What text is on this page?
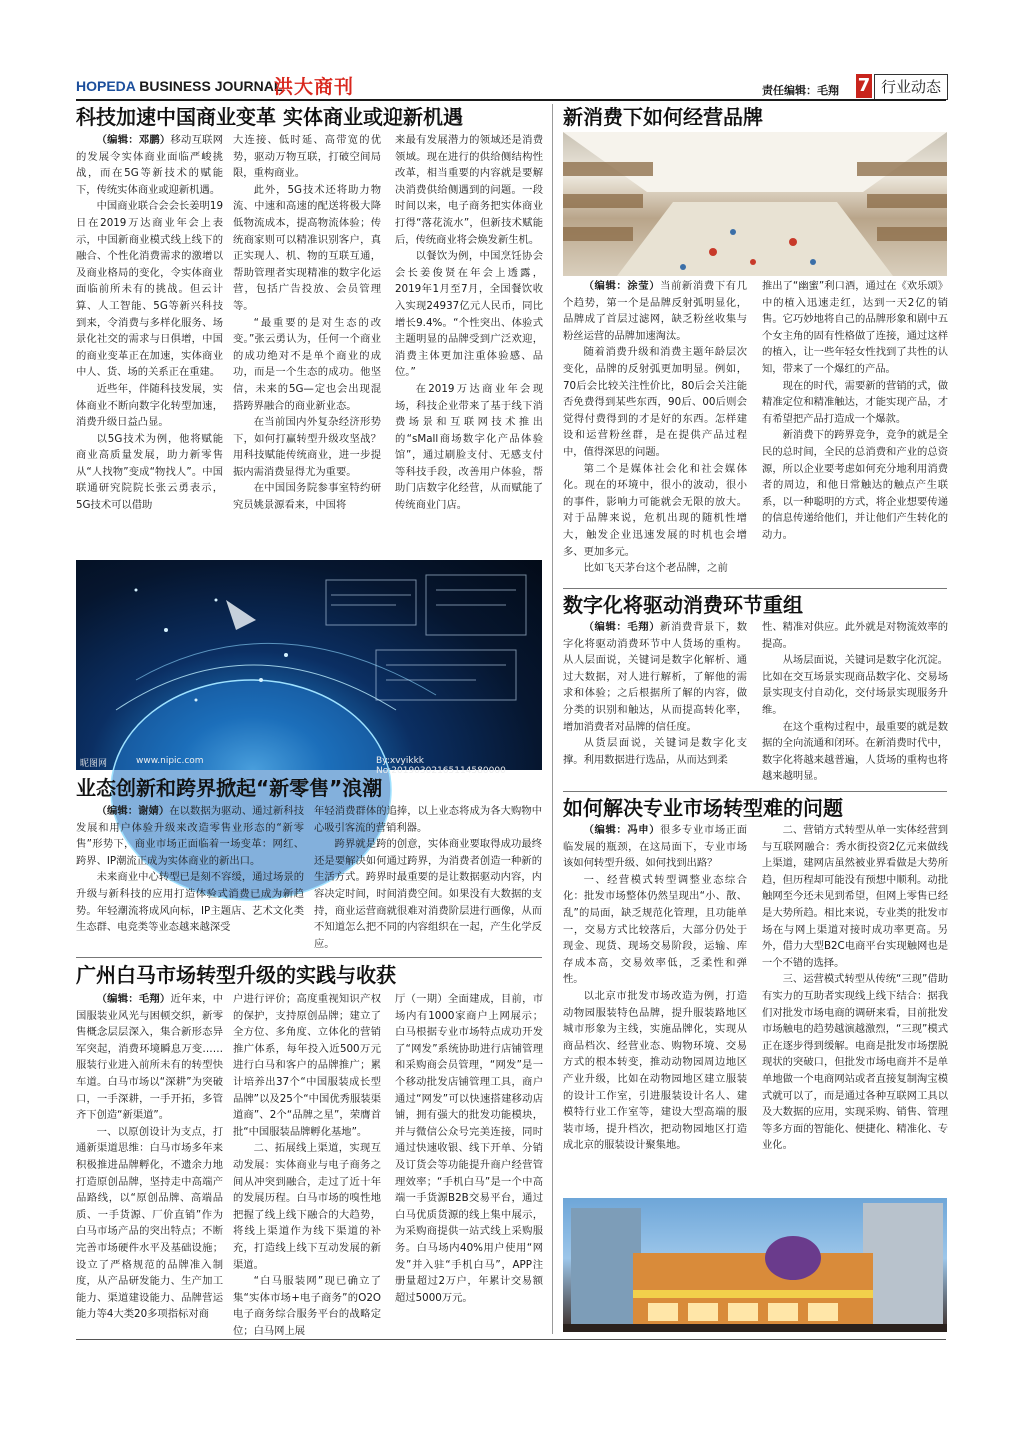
HOPEDA BUSINESS JOURNAL
洪大商刊	责任编辑：毛翔 7 行业动态
科技加速中国商业变革 实体商业或迎新机遇

（编辑：邓鹏）移动互联网的发展令实体商业面临严峻挑战，而在5G等新技术的赋能下，传统实体商业或迎新机遇。

中国商业联合会会长姜明19日在2019万达商业年会上表示，中国新商业模式线上线下的融合、个性化消费需求的激增以及商业格局的变化，令实体商业面临前所未有的挑战。但云计算、人工智能、5G等新兴科技到来，令消费与多样化服务、场景化社交的需求与日俱增，中国的商业变革正在加速，实体商业中人、货、场的关系正在重建。

近些年，伴随科技发展，实体商业不断向数字化转型加速，消费升级日益凸显。

以5G技术为例，他将赋能商业高质量发展，助力新零售从“人找物”变成“物找人”。中国联通研究院院长张云勇表示，5G技术可以借助

大连接、低时延、高带宽的优势，驱动万物互联，打破空间局限，重构商业。

此外，5G技术还将助力物流、中速和高速的配送将极大降低物流成本，提高物流体验；传统商家则可以精准识别客户，真正实现人、机、物的互联互通，帮助管理者实现精准的数字化运营，包括广告投放、会员管理等。

“最重要的是对生态的改变。”张云勇认为，任何一个商业的成功绝对不是单个商业的成功，而是一个生态的成功。他坚信，未来的5G—定也会出现混搭跨界融合的商业新业态。

在当前国内外复杂经济形势下，如何打赢转型升级攻坚战？用科技赋能传统商业，进一步提振内需消费显得尤为重要。

在中国国务院参事室特约研究员姚景源看来，中国将

来最有发展潜力的领域还是消费领域。现在进行的供给侧结构性改革，相当重要的内容就是要解决消费供给侧遇到的问题。一段时间以来，电子商务把实体商业打得“落花流水”，但新技术赋能后，传统商业将会焕发新生机。

以餐饮为例，中国烹饪协会会长姜俊贤在年会上透露，2019年1月至7月，全国餐饮收入实现24937亿元人民币，同比增长9.4%。“个性突出、体验式主题明显的品牌受到广泛欢迎，消费主体更加注重体验感、品位。”

在2019万达商业年会现场，科技企业带来了基于线下消费场景和互联网技术推出的“sMall商场数字化产品体验馆”，通过刷脸支付、无感支付等科技手段，改善用户体验，帮助门店数字化经营，从而赋能了传统商业门店。

昵图网	www.nipic.com	By:xvyikkk No:20190302165114580000
业态创新和跨界掀起“新零售”浪潮

（编辑：谢婧）在以数据为驱动、通过新科技发展和用户体验升级来改造零售业形态的“新零售”形势下，商业市场正面临着一场变革：网红、跨界、IP潮流正成为实体商业的新出口。

未来商业中心转型已是刻不容缓，通过场景的升级与新科技的应用打造体验式消费已成为新趋势。年轻潮流将成风向标，IP主题店、艺术文化类生态群、电竞类等业态越来越深受

年轻消费群体的追捧，以上业态将成为各大购物中心吸引客流的营销利器。

跨界就是跨的创意，实体商业要取得成功最终还是要解决如何通过跨界，为消费者创造一种新的生活方式。跨界时最重要的是让数据驱动内容，内容决定时间，时间消费空间。如果没有大数据的支持，商业运营商就很难对消费阶层进行画像，从而不知道怎么把不同的内容组织在一起，产生化学反应。

广州白马市场转型升级的实践与收获

（编辑：毛翔）近年来，中国服装业风光与困顿交织，新零售概念层层深入，集合新形态异军突起，消费环境瞬息万变……服装行业进入前所未有的转型快车道。白马市场以“深耕”为突破口，一手深耕，一手开拓，多管齐下创造“新渠道”。

一、以原创设计为支点，打通新渠道思维：白马市场多年来积极推进品牌孵化，不遗余力地打造原创品牌，坚持走中高端产品路线，以“原创品牌、高端品质、一手货源、厂价直销”作为白马市场产品的突出特点；不断完善市场硬件水平及基础设施；设立了严格规范的品牌准入制度，从产品研发能力、生产加工能力、渠道建设能力、品牌营运能力等4大类20多项指标对商

户进行评价；高度重视知识产权的保护，支持原创品牌；建立了全方位、多角度、立体化的营销推广体系，每年投入近500万元进行白马和客户的品牌推广；累计培养出37个“中国服装成长型品牌”以及25个“中国优秀服装渠道商”、2个“品牌之星”，荣膺首批“中国服装品牌孵化基地”。

二、拓展线上渠道，实现互动发展：实体商业与电子商务之间从冲突到融合，走过了近十年的发展历程。白马市场的嗅性地把握了线上线下融合的大趋势，将线上渠道作为线下渠道的补充，打造线上线下互动发展的新渠道。

“白马服装网”现已确立了集“实体市场+电子商务”的O2O电子商务综合服务平台的战略定位；白马网上展

厅（一期）全面建成，目前，市场内有1000家商户上网展示；白马根据专业市场特点成功开发了“网发”系统协助进行店铺管理和采购商会员管理，“网发”是一个移动批发店铺管理工具，商户通过“网发”可以快速搭建移动店铺，拥有强大的批发功能模块，并与微信公众号完美连接，同时通过快速收银、线下开单、分销及订货会等功能提升商户经营管理效率；“手机白马”是一个中高端一手货源B2B交易平台，通过白马优质货源的线上集中展示，为采购商提供一站式线上采购服务。白马场内40%用户使用“网发”并入驻“手机白马”，APP注册量超过2万户，年累计交易额超过5000万元。

新消费下如何经营品牌

（编辑：涂莹）当前新消费下有几个趋势，第一个是品牌反射弧明显化，品牌成了首层过滤网，缺乏粉丝收集与粉丝运营的品牌加速淘汰。

随着消费升级和消费主题年龄层次变化，品牌的反射弧更加明显。例如，70后会比较关注性价比，80后会关注能否免费得到某些东西，90后、00后则会觉得付费得到的才是好的东西。怎样建设和运营粉丝群，是在提供产品过程中，值得深思的问题。

第二个是媒体社会化和社会媒体化。现在的环境中，很小的波动，很小的事件，影响力可能就会无限的放大。对于品牌来说，危机出现的随机性增大，触发企业迅速发展的时机也会增多、更加多元。

比如飞天茅台这个老品牌，之前

推出了“幽蜜”利口酒，通过在《欢乐颂》中的植入迅速走红，达到一天2亿的销售。它巧妙地将自己的品牌形象和剧中五个女主角的固有性格做了连接，通过这样的植入，让一些年轻女性找到了共性的认知，带来了一个爆红的产品。

现在的时代，需要新的营销的式，做精准定位和精准触达，才能实现产品，才有希望把产品打造成一个爆款。

新消费下的跨界竞争，竞争的就是全民的总时间，全民的总消费和产业的总资源，所以企业要考虑如何充分地利用消费者的周边，和他日常触达的触点产生联系，以一种聪明的方式，将企业想要传递的信息传递给他们，并让他们产生转化的动力。

数字化将驱动消费环节重组

（编辑：毛翔）新消费背景下，数字化将驱动消费环节中人货场的重构。从人层面说，关键词是数字化解析、通过大数据，对人进行解析，了解他的需求和体验；之后根据所了解的内容，做分类的识别和触达，从而提高转化率，增加消费者对品牌的信任度。

从货层面说，关键词是数字化支撑。利用数据进行选品，从而达到柔

性、精准对供应。此外就是对物流效率的提高。

从场层面说，关键词是数字化沉淀。比如在交互场景实现商品数字化、交易场景实现支付自动化，交付场景实现服务升维。

在这个重构过程中，最重要的就是数据的全向流通和闭环。在新消费时代中，数字化将越来越普遍，人货场的重构也将越来越明显。

如何解决专业市场转型难的问题

（编辑：冯申）很多专业市场正面临发展的瓶颈，在这局面下，专业市场该如何转型升级、如何找到出路？

一、经营模式转型调整业态综合化：批发市场整体仍然呈现出“小、散、乱”的局面，缺乏规范化管理，且功能单一，交易方式比较落后，大部分仍处于现金、现货、现场交易阶段，运输、库存成本高，交易效率低，乏柔性和弹性。

以北京市批发市场改造为例，打造动物园服装特色品牌，提升服装路地区城市形象为主线，实施品牌化，实现从商品档次、经营业态、购物环境、交易方式的根本转变，推动动物园周边地区产业升级，比如在动物园地区建立服装的设计工作室，引进服装设计名人、建模特行业工作室等，建设大型高端的服装市场，提升档次，把动物园地区打造成北京的服装设计聚集地。

二、营销方式转型从单一实体经营到与互联网融合：秀水街投资2亿元来做线上渠道，建网店虽然被业界看做是大势所趋，但历程却可能没有预想中顺利。动批触网至今还未见到希望，但网上零售已经是大势所趋。相比来说，专业类的批发市场在与网上渠道对接时成功率更高。另外，借力大型B2C电商平台实现触网也是一个不错的选择。

三、运营模式转型从传统“三现”借助有实力的互助者实现线上线下结合：据我们对批发市场电商的调研来看，目前批发市场触电的趋势越演越激烈，“三现”模式正在逐步得到缓解。电商是批发市场摆脱现状的突破口，但批发市场电商并不是单单地做一个电商网站或者直接复制淘宝模式就可以了，而是通过各种互联网工具以及大数据的应用，实现采购、销售、管理等多方面的智能化、便捷化、精准化、专业化。
